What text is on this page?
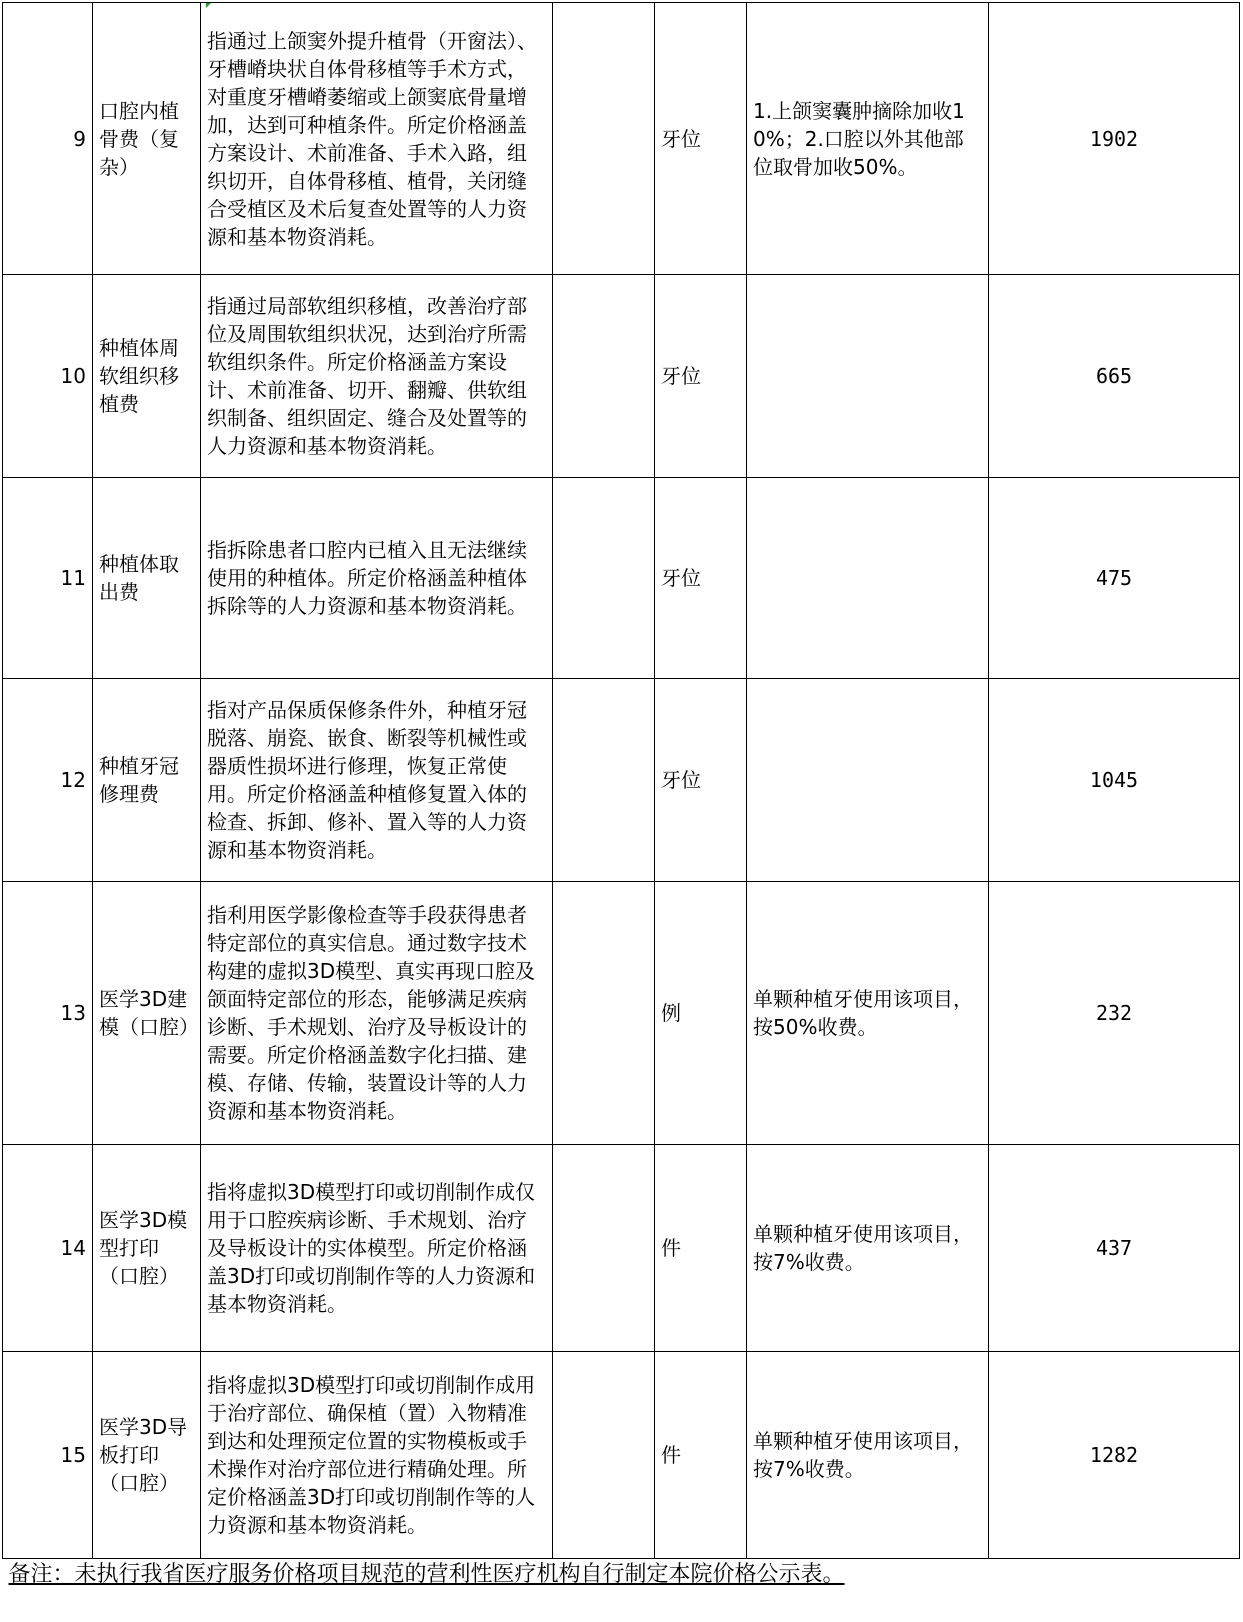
9	口腔内植骨费（复杂）	指通过上颌窦外提升植骨（开窗法）、牙槽嵴块状自体骨移植等手术方式，对重度牙槽嵴萎缩或上颌窦底骨量增加，达到可种植条件。所定价格涵盖方案设计、术前准备、手术入路，组织切开，自体骨移植、植骨，关闭缝合受植区及术后复查处置等的人力资源和基本物资消耗。		牙位	1.上颌窦囊肿摘除加收10%；2.口腔以外其他部位取骨加收50%。	1902
10	种植体周软组织移植费	指通过局部软组织移植，改善治疗部位及周围软组织状况，达到治疗所需软组织条件。所定价格涵盖方案设计、术前准备、切开、翻瓣、供软组织制备、组织固定、缝合及处置等的人力资源和基本物资消耗。		牙位		665
11	种植体取出费	指拆除患者口腔内已植入且无法继续使用的种植体。所定价格涵盖种植体拆除等的人力资源和基本物资消耗。		牙位		475
12	种植牙冠修理费	指对产品保质保修条件外，种植牙冠脱落、崩瓷、嵌食、断裂等机械性或器质性损坏进行修理，恢复正常使用。所定价格涵盖种植修复置入体的检查、拆卸、修补、置入等的人力资源和基本物资消耗。		牙位		1045
13	医学3D建模（口腔）	指利用医学影像检查等手段获得患者特定部位的真实信息。通过数字技术构建的虚拟3D模型、真实再现口腔及颌面特定部位的形态，能够满足疾病诊断、手术规划、治疗及导板设计的需要。所定价格涵盖数字化扫描、建模、存储、传输，装置设计等的人力资源和基本物资消耗。		例	单颗种植牙使用该项目，按50%收费。	232
14	医学3D模型打印（口腔）	指将虚拟3D模型打印或切削制作成仅用于口腔疾病诊断、手术规划、治疗及导板设计的实体模型。所定价格涵盖3D打印或切削制作等的人力资源和基本物资消耗。		件	单颗种植牙使用该项目，按7%收费。	437
15	医学3D导板打印（口腔）	指将虚拟3D模型打印或切削制作成用于治疗部位、确保植（置）入物精准到达和处理预定位置的实物模板或手术操作对治疗部位进行精确处理。所定价格涵盖3D打印或切削制作等的人力资源和基本物资消耗。		件	单颗种植牙使用该项目，按7%收费。	1282
备注：未执行我省医疗服务价格项目规范的营利性医疗机构自行制定本院价格公示表。						
